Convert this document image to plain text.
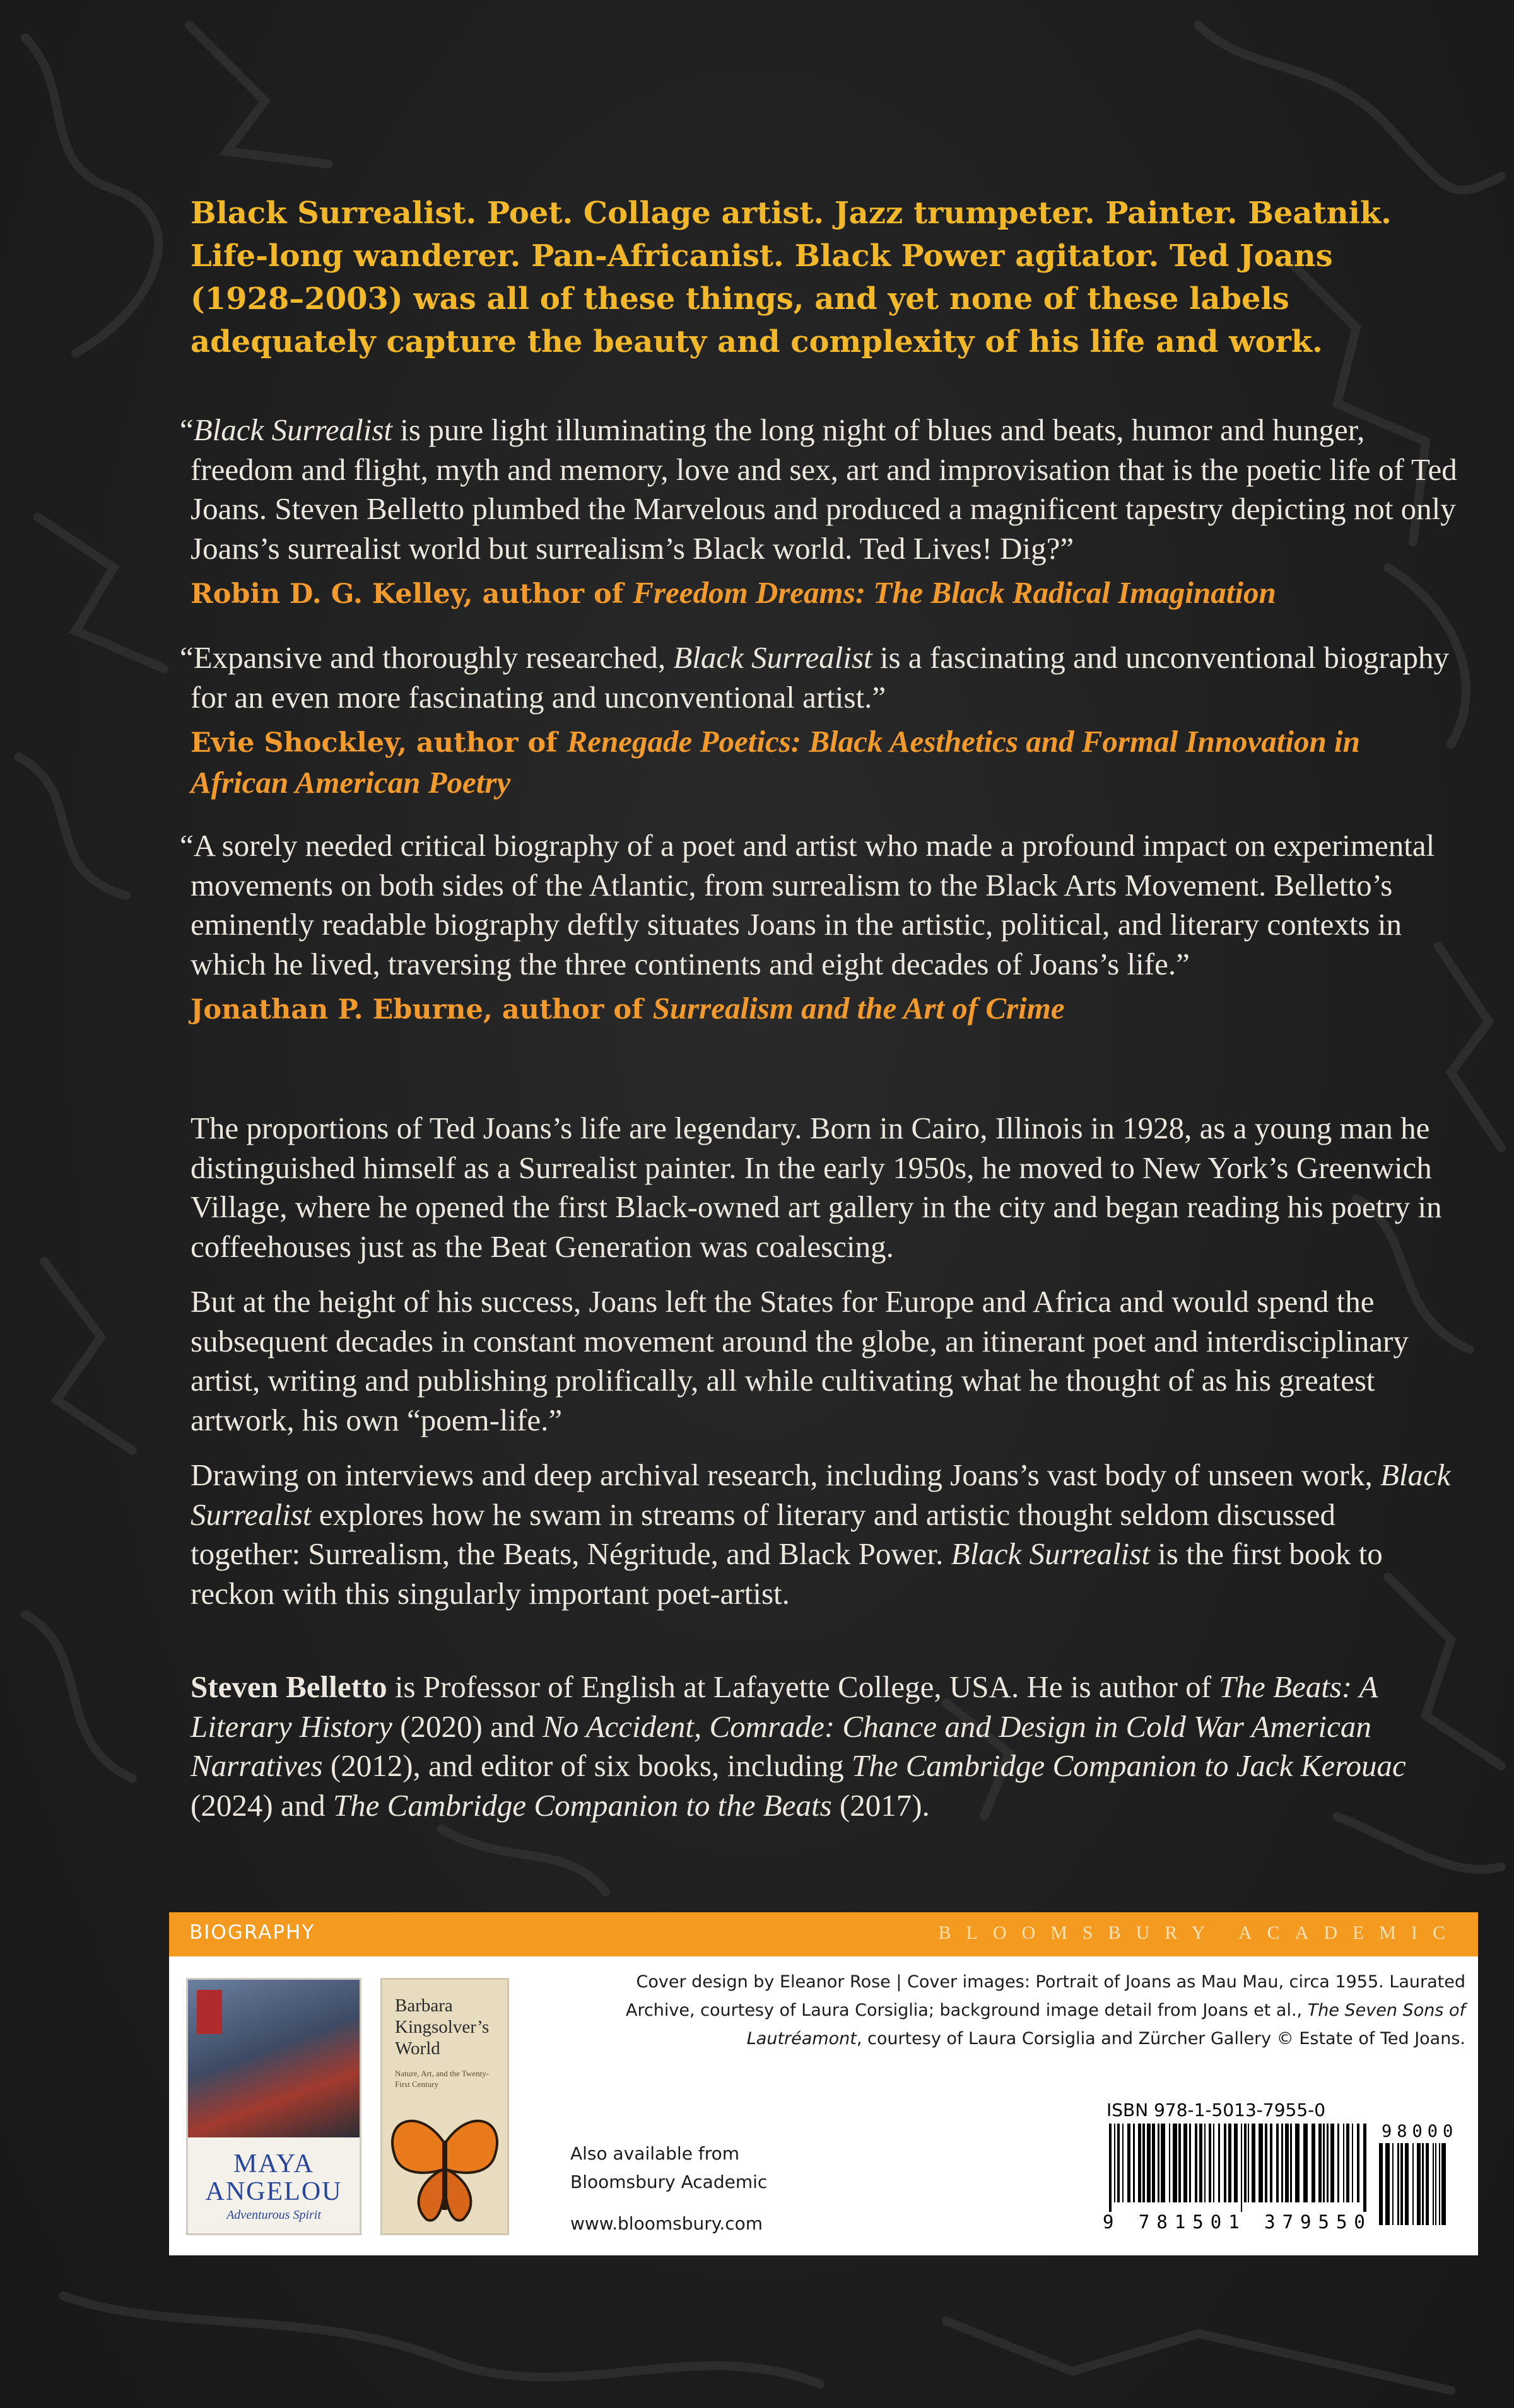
Black Surrealist. Poet. Collage artist. Jazz trumpeter. Painter. Beatnik. Life-long wanderer. Pan-Africanist. Black Power agitator. Ted Joans (1928–2003) was all of these things, and yet none of these labels adequately capture the beauty and complexity of his life and work.

“Black Surrealist is pure light illuminating the long night of blues and beats, humor and hunger, freedom and flight, myth and memory, love and sex, art and improvisation that is the poetic life of Ted Joans. Steven Belletto plumbed the Marvelous and produced a magnificent tapestry depicting not only Joans’s surrealist world but surrealism’s Black world. Ted Lives! Dig?”

Robin D. G. Kelley, author of Freedom Dreams: The Black Radical Imagination

“Expansive and thoroughly researched, Black Surrealist is a fascinating and unconventional biography for an even more fascinating and unconventional artist.”

Evie Shockley, author of Renegade Poetics: Black Aesthetics and Formal Innovation in African American Poetry

“A sorely needed critical biography of a poet and artist who made a profound impact on experimental movements on both sides of the Atlantic, from surrealism to the Black Arts Movement. Belletto’s eminently readable biography deftly situates Joans in the artistic, political, and literary contexts in which he lived, traversing the three continents and eight decades of Joans’s life.”

Jonathan P. Eburne, author of Surrealism and the Art of Crime

The proportions of Ted Joans’s life are legendary. Born in Cairo, Illinois in 1928, as a young man he distinguished himself as a Surrealist painter. In the early 1950s, he moved to New York’s Greenwich Village, where he opened the first Black-owned art gallery in the city and began reading his poetry in coffeehouses just as the Beat Generation was coalescing.

But at the height of his success, Joans left the States for Europe and Africa and would spend the subsequent decades in constant movement around the globe, an itinerant poet and interdisciplinary artist, writing and publishing prolifically, all while cultivating what he thought of as his greatest artwork, his own “poem-life.”

Drawing on interviews and deep archival research, including Joans’s vast body of unseen work, Black Surrealist explores how he swam in streams of literary and artistic thought seldom discussed together: Surrealism, the Beats, Négritude, and Black Power. Black Surrealist is the first book to reckon with this singularly important poet-artist.

Steven Belletto is Professor of English at Lafayette College, USA. He is author of The Beats: A Literary History (2020) and No Accident, Comrade: Chance and Design in Cold War American Narratives (2012), and editor of six books, including The Cambridge Companion to Jack Kerouac (2024) and The Cambridge Companion to the Beats (2017).

BIOGRAPHY	BLOOMSBURY ACADEMIC
Cover design by Eleanor Rose | Cover images: Portrait of Joans as Mau Mau, circa 1955. Laurated Archive, courtesy of Laura Corsiglia; background image detail from Joans et al., The Seven Sons of Lautréamont, courtesy of Laura Corsiglia and Zürcher Gallery © Estate of Ted Joans.
MAYA ANGELOU
Adventurous Spirit
Barbara Kingsolver’s World
Nature, Art, and the Twenty-First Century
Also available from
Bloomsbury Academic
www.bloomsbury.com
ISBN 978-1-5013-7955-0
9 781501 379550
98000
